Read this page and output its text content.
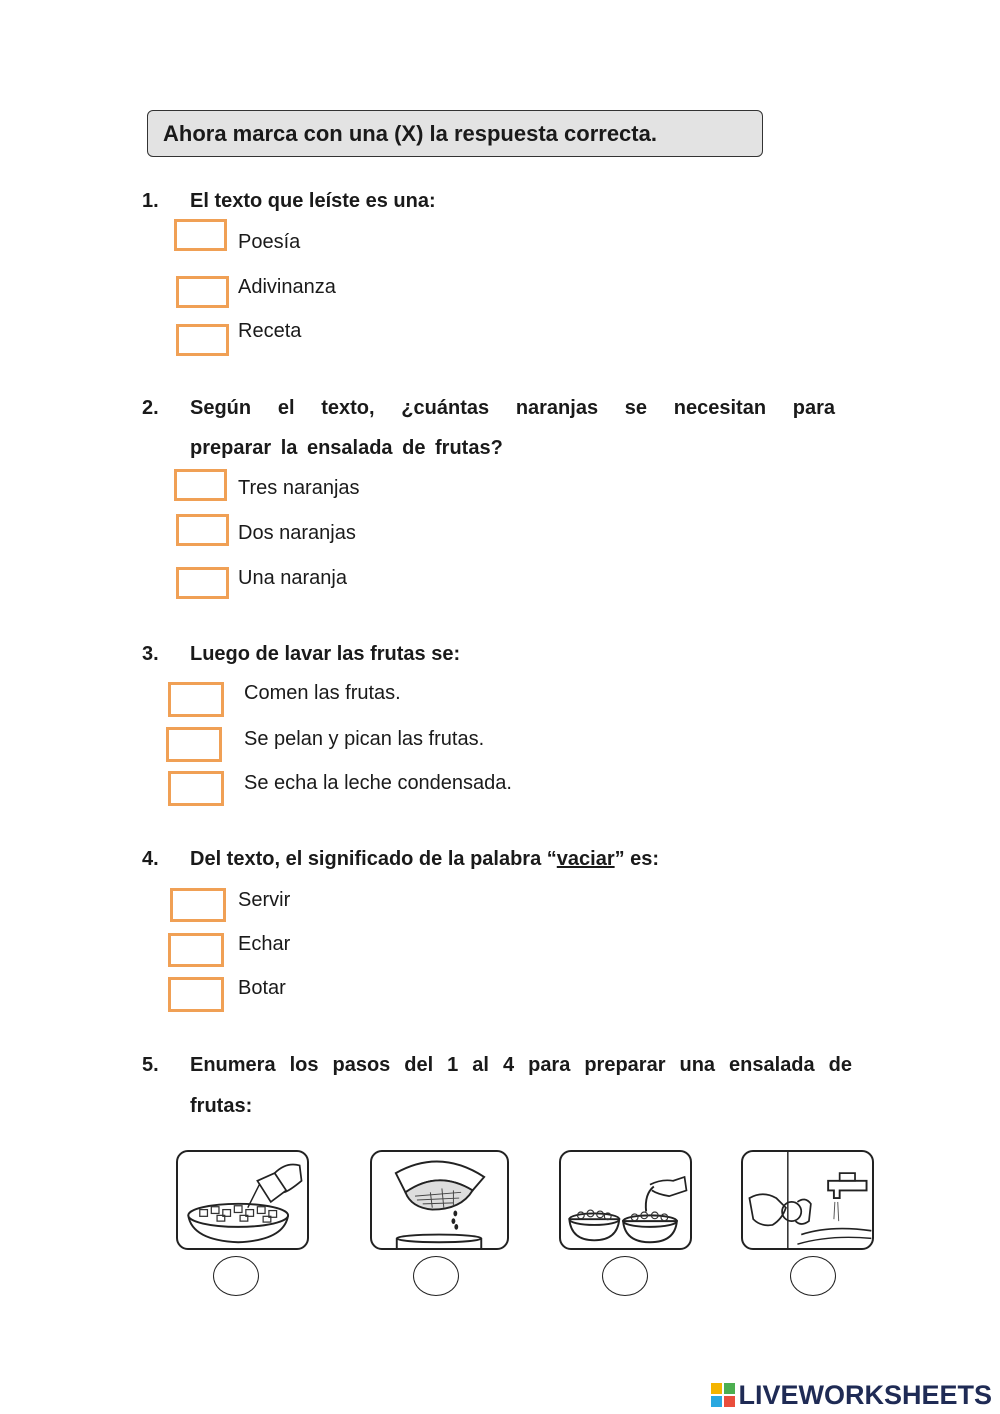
Ahora marca con una (X) la respuesta correcta.
1. El texto que leíste es una:
Poesía
Adivinanza
Receta
2. Según el texto, ¿cuántas naranjas se necesitan para
preparar la ensalada de frutas?
Tres naranjas
Dos naranjas
Una naranja
3. Luego de lavar las frutas se:
Comen las frutas.
Se pelan y pican las frutas.
Se echa la leche condensada.
4. Del texto, el significado de la palabra “vaciar” es:
Servir
Echar
Botar
5. Enumera los pasos del 1 al 4 para preparar una ensalada de
frutas:
LIVEWORKSHEETS
